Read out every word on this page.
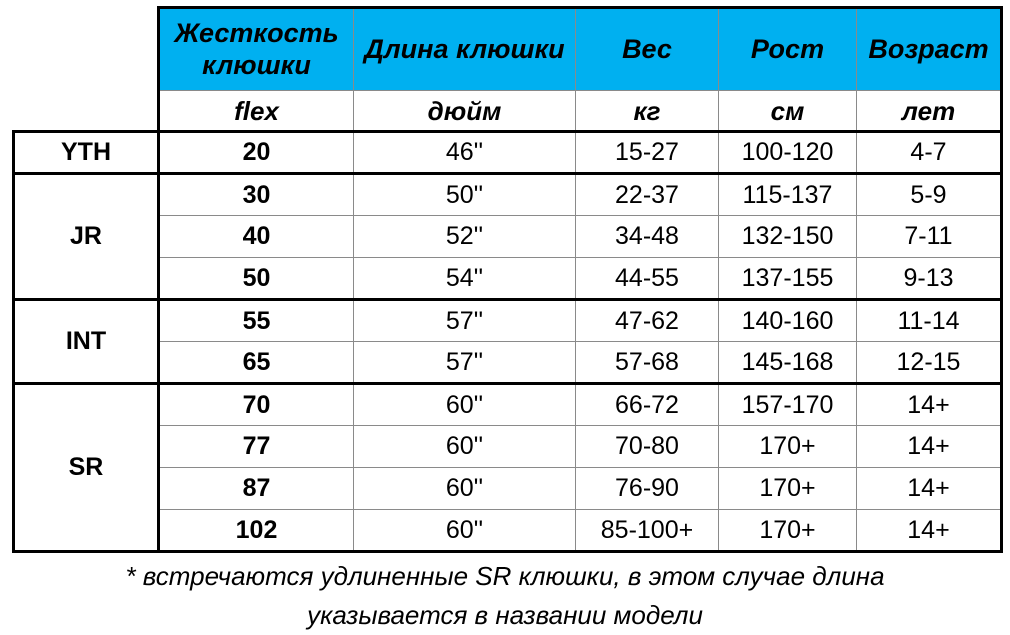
	Жесткость клюшки	Длина клюшки	Вес	Рост	Возраст
	flex	дюйм	кг	см	лет
YTH	20	46''	15-27	100-120	4-7
JR	30	50''	22-37	115-137	5-9
	40	52''	34-48	132-150	7-11
	50	54''	44-55	137-155	9-13
INT	55	57''	47-62	140-160	11-14
	65	57''	57-68	145-168	12-15
SR	70	60''	66-72	157-170	14+
	77	60''	70-80	170+	14+
	87	60''	76-90	170+	14+
	102	60''	85-100+	170+	14+
* встречаются удлиненные SR клюшки, в этом случае длина
указывается в названии модели
